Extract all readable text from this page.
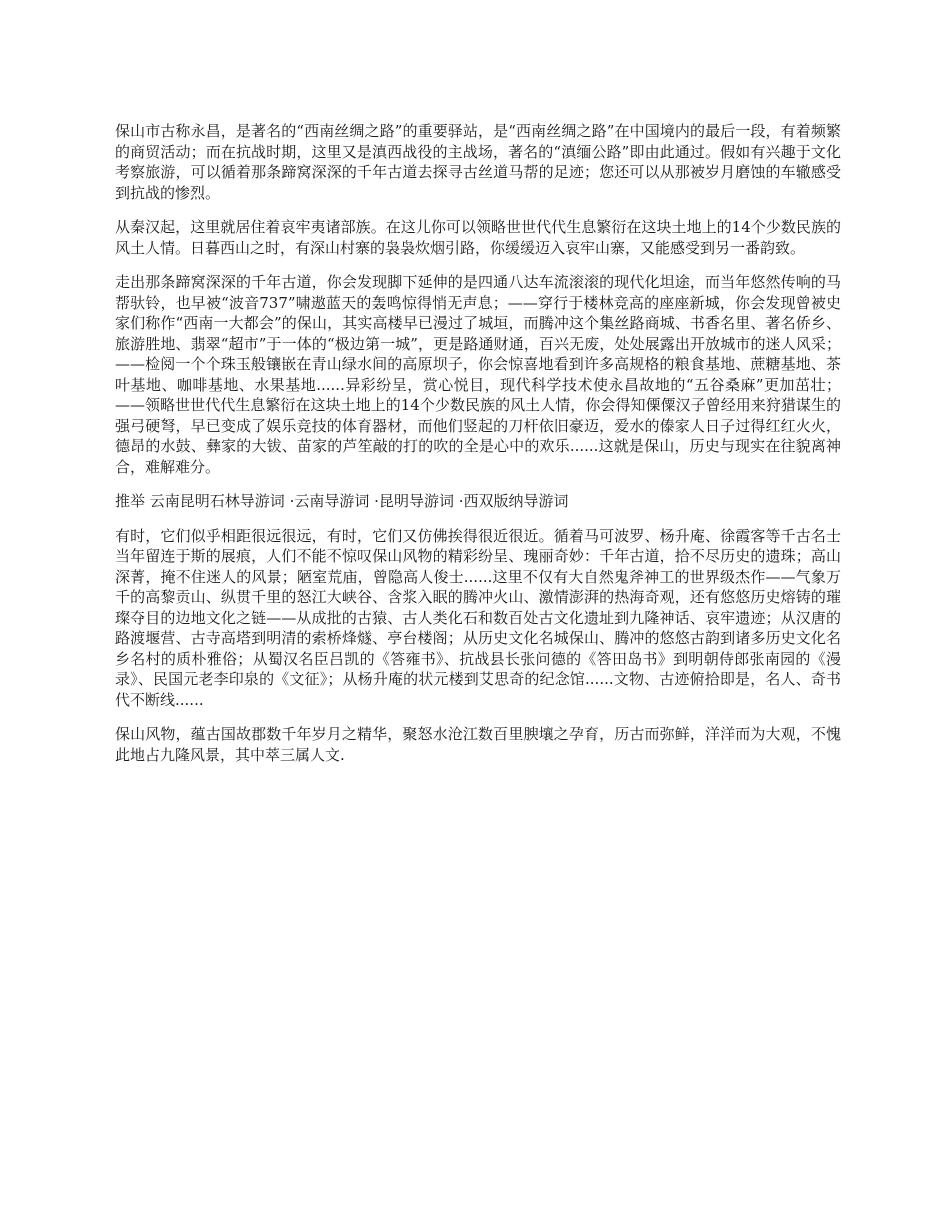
保山市古称永昌，是著名的“西南丝绸之路”的重要驿站，是“西南丝绸之路”在中国境内的最后一段，有着频繁的商贸活动；而在抗战时期，这里又是滇西战役的主战场，著名的“滇缅公路”即由此通过。假如有兴趣于文化考察旅游，可以循着那条蹄窝深深的千年古道去探寻古丝道马帮的足迹；您还可以从那被岁月磨蚀的车辙感受到抗战的惨烈。

从秦汉起，这里就居住着哀牢夷诸部族。在这儿你可以领略世世代代生息繁衍在这块土地上的14个少数民族的风土人情。日暮西山之时，有深山村寨的袅袅炊烟引路，你缓缓迈入哀牢山寨，又能感受到另一番韵致。

走出那条蹄窝深深的千年古道，你会发现脚下延伸的是四通八达车流滚滚的现代化坦途，而当年悠然传响的马帮驮铃，也早被“波音737”啸遨蓝天的轰鸣惊得悄无声息；——穿行于楼林竞高的座座新城，你会发现曾被史家们称作“西南一大都会”的保山，其实高楼早已漫过了城垣，而腾冲这个集丝路商城、书香名里、著名侨乡、旅游胜地、翡翠“超市”于一体的“极边第一城”，更是路通财通，百兴无废，处处展露出开放城市的迷人风采；——检阅一个个珠玉般镶嵌在青山绿水间的高原坝子，你会惊喜地看到许多高规格的粮食基地、蔗糖基地、茶叶基地、咖啡基地、水果基地......异彩纷呈，赏心悦目，现代科学技术使永昌故地的“五谷桑麻”更加茁壮；——领略世世代代生息繁衍在这块土地上的14个少数民族的风土人情，你会得知傈僳汉子曾经用来狩猎谋生的强弓硬弩，早已变成了娱乐竞技的体育器材，而他们竖起的刀杆依旧豪迈，爱水的傣家人日子过得红红火火，德昂的水鼓、彝家的大钹、苗家的芦笙敲的打的吹的全是心中的欢乐......这就是保山，历史与现实在往貌离神合，难解难分。

推举 云南昆明石林导游词 ·云南导游词 ·昆明导游词 ·西双版纳导游词

有时，它们似乎相距很远很远，有时，它们又仿佛挨得很近很近。循着马可波罗、杨升庵、徐霞客等千古名士当年留连于斯的展痕，人们不能不惊叹保山风物的精彩纷呈、瑰丽奇妙：千年古道，拾不尽历史的遗珠；高山深菁，掩不住迷人的风景；陋室荒庙，曾隐高人俊士......这里不仅有大自然鬼斧神工的世界级杰作——气象万千的高黎贡山、纵贯千里的怒江大峡谷、含浆入眠的腾冲火山、激情澎湃的热海奇观，还有悠悠历史熔铸的璀璨夺目的边地文化之链——从成批的古猿、古人类化石和数百处古文化遗址到九隆神话、哀牢遗迹；从汉唐的路渡堰营、古寺高塔到明清的索桥烽燧、亭台楼阁；从历史文化名城保山、腾冲的悠悠古韵到诸多历史文化名乡名村的质朴雅俗；从蜀汉名臣吕凯的《答雍书》、抗战县长张问德的《答田岛书》到明朝侍郎张南园的《漫录》、民国元老李印泉的《文征》；从杨升庵的状元楼到艾思奇的纪念馆......文物、古迹俯拾即是，名人、奇书代不断线......

保山风物，蕴古国故郡数千年岁月之精华，聚怒水沧江数百里腴壤之孕育，历古而弥鲜，洋洋而为大观，不愧此地占九隆风景，其中萃三属人文.
